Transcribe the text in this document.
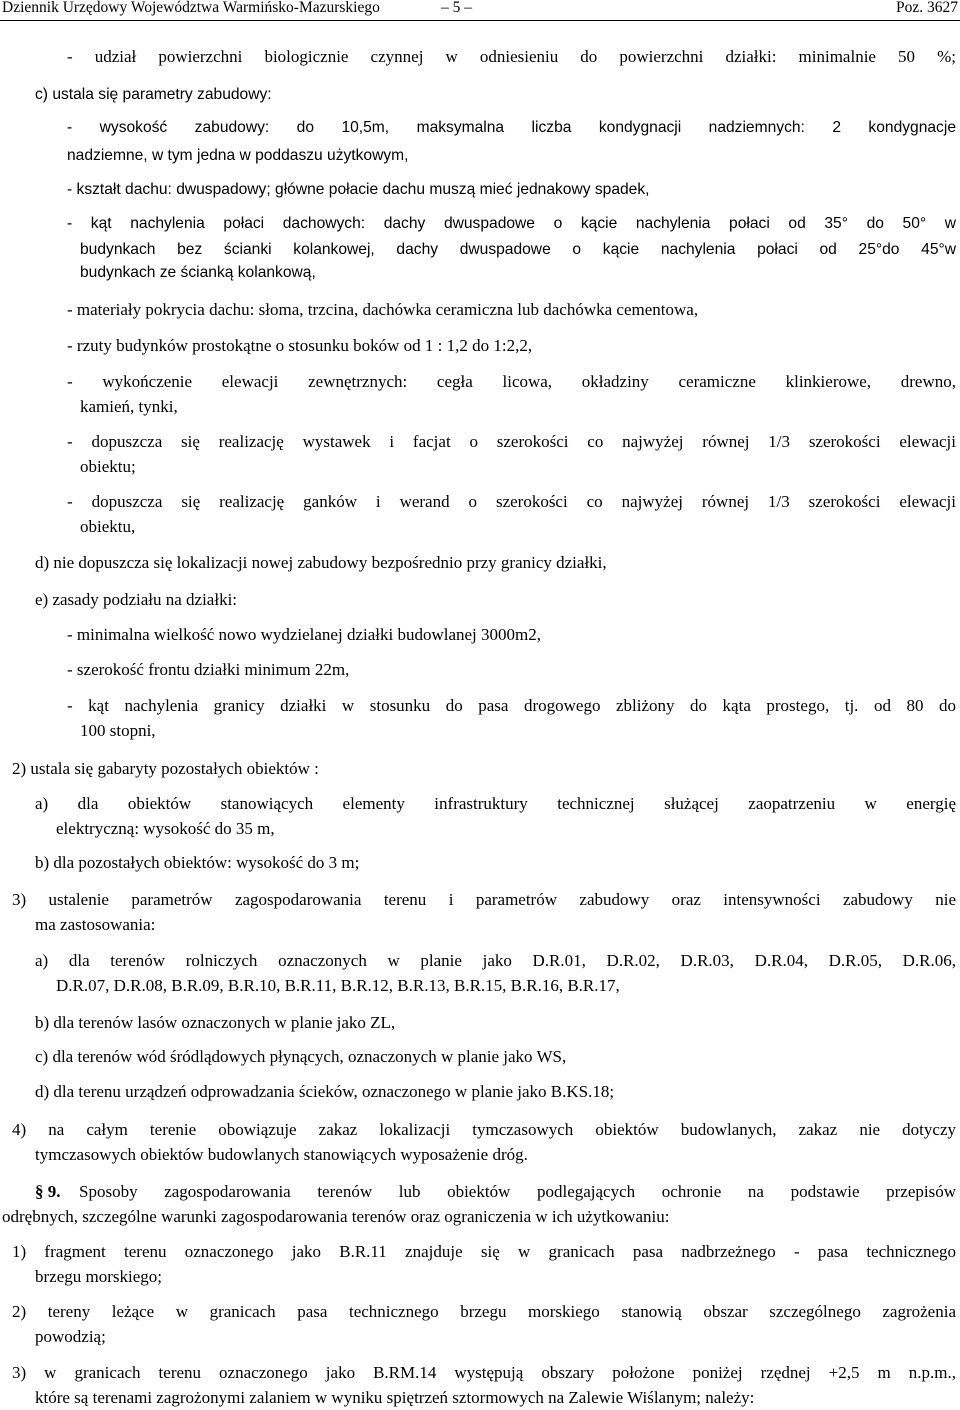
Dziennik Urzędowy Województwa Warmińsko-Mazurskiego	– 5 –	Poz. 3627

- udział powierzchni biologicznie czynnej w odniesieniu do powierzchni działki: minimalnie 50 %;

c) ustala się parametry zabudowy:

- wysokość zabudowy: do 10,5m, maksymalna liczba kondygnacji nadziemnych: 2 kondygnacje

nadziemne, w tym jedna w poddaszu użytkowym,

- kształt dachu: dwuspadowy; główne połacie dachu muszą mieć jednakowy spadek,

- kąt nachylenia połaci dachowych: dachy dwuspadowe o kącie nachylenia połaci od 35° do 50° w

budynkach bez ścianki kolankowej, dachy dwuspadowe o kącie nachylenia połaci od 25°do 45°w

budynkach ze ścianką kolankową,

- materiały pokrycia dachu: słoma, trzcina, dachówka ceramiczna lub dachówka cementowa,

- rzuty budynków prostokątne o stosunku boków od 1 : 1,2 do 1:2,2,

- wykończenie elewacji zewnętrznych: cegła licowa, okładziny ceramiczne klinkierowe, drewno,

kamień, tynki,

- dopuszcza się realizację wystawek i facjat o szerokości co najwyżej równej 1/3 szerokości elewacji

obiektu;

- dopuszcza się realizację ganków i werand o szerokości co najwyżej równej 1/3 szerokości elewacji

obiektu,

d) nie dopuszcza się lokalizacji nowej zabudowy bezpośrednio przy granicy działki,

e) zasady podziału na działki:

- minimalna wielkość nowo wydzielanej działki budowlanej 3000m2,

- szerokość frontu działki minimum 22m,

- kąt nachylenia granicy działki w stosunku do pasa drogowego zbliżony do kąta prostego, tj. od 80 do

100 stopni,

2) ustala się gabaryty pozostałych obiektów :

a) dla obiektów stanowiących elementy infrastruktury technicznej służącej zaopatrzeniu w energię

elektryczną: wysokość do 35 m,

b) dla pozostałych obiektów: wysokość do 3 m;

3) ustalenie parametrów zagospodarowania terenu i parametrów zabudowy oraz intensywności zabudowy nie

ma zastosowania:

a) dla terenów rolniczych oznaczonych w planie jako D.R.01, D.R.02, D.R.03, D.R.04, D.R.05, D.R.06,

D.R.07, D.R.08, B.R.09, B.R.10, B.R.11, B.R.12, B.R.13, B.R.15, B.R.16, B.R.17,

b) dla terenów lasów oznaczonych w planie jako ZL,

c) dla terenów wód śródlądowych płynących, oznaczonych w planie jako WS,

d) dla terenu urządzeń odprowadzania ścieków, oznaczonego w planie jako B.KS.18;

4) na całym terenie obowiązuje zakaz lokalizacji tymczasowych obiektów budowlanych, zakaz nie dotyczy

tymczasowych obiektów budowlanych stanowiących wyposażenie dróg.

§ 9. Sposoby zagospodarowania terenów lub obiektów podlegających ochronie na podstawie przepisów

odrębnych, szczególne warunki zagospodarowania terenów oraz ograniczenia w ich użytkowaniu:

1) fragment terenu oznaczonego jako B.R.11 znajduje się w granicach pasa nadbrzeżnego - pasa technicznego

brzegu morskiego;

2) tereny leżące w granicach pasa technicznego brzegu morskiego stanowią obszar szczególnego zagrożenia

powodzią;

3) w granicach terenu oznaczonego jako B.RM.14 występują obszary położone poniżej rzędnej +2,5 m n.p.m.,

które są terenami zagrożonymi zalaniem w wyniku spiętrzeń sztormowych na Zalewie Wiślanym; należy:
